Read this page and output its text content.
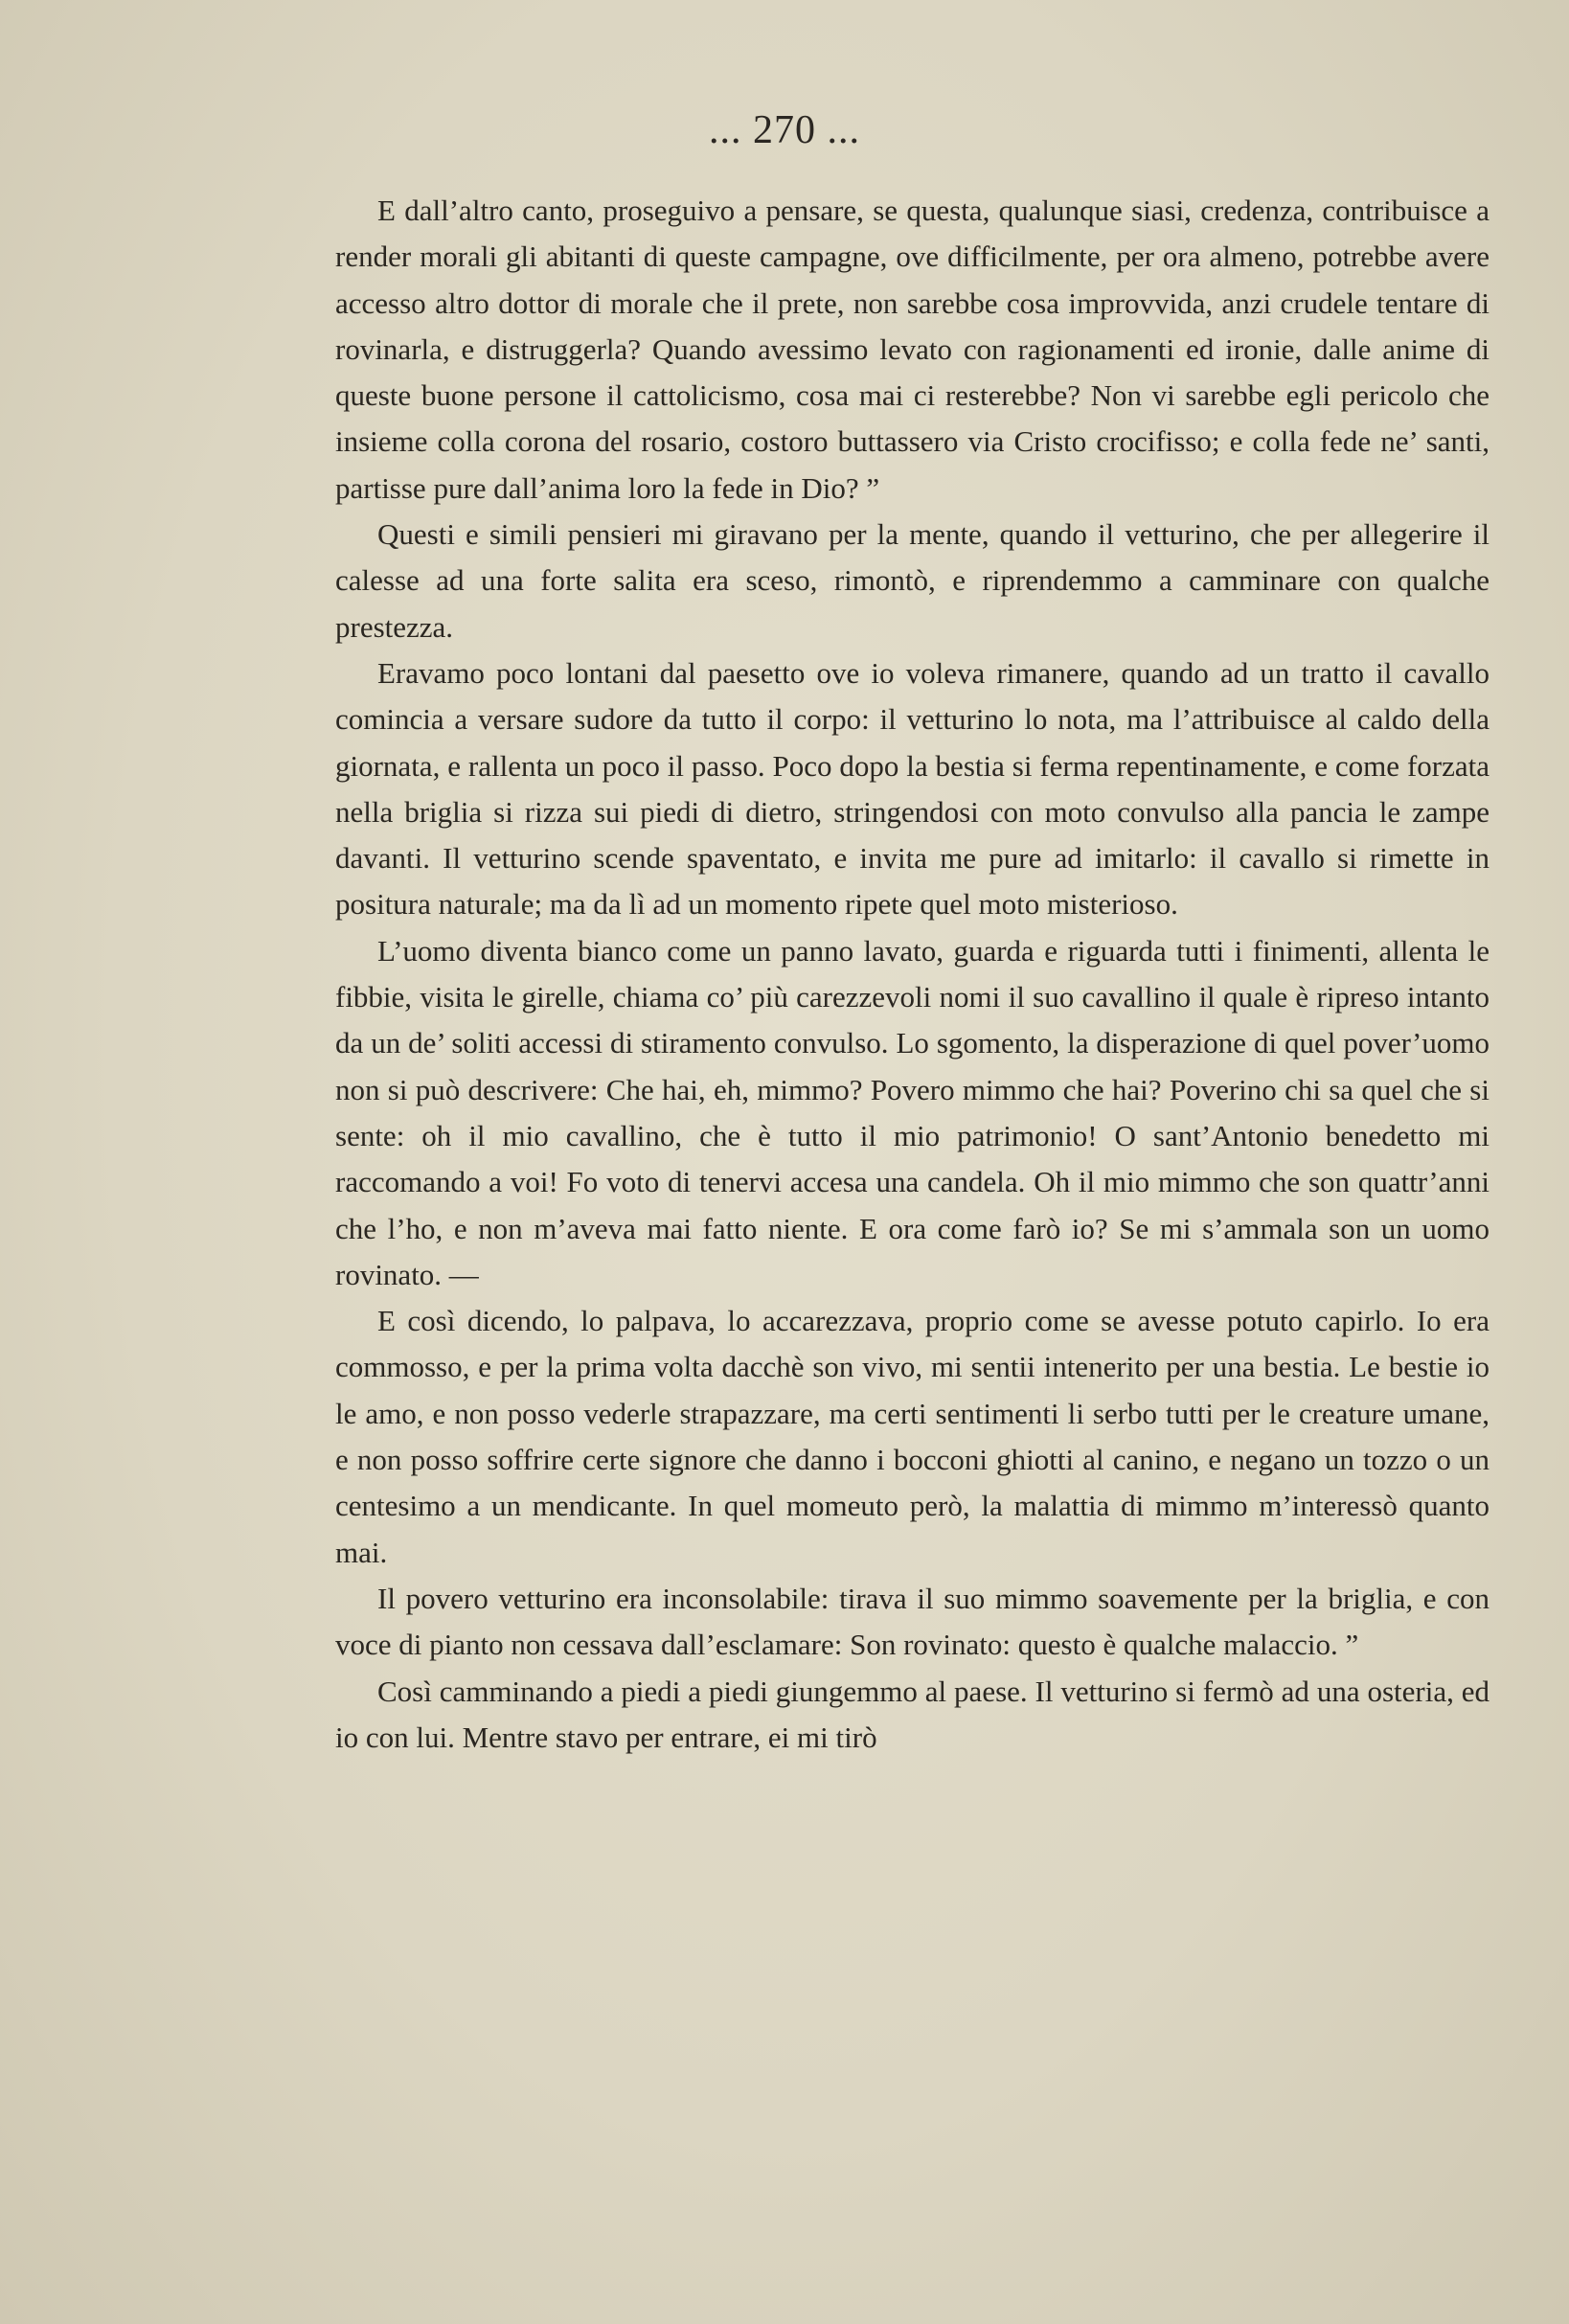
... 270 ...

E dall’altro canto, proseguivo a pensare, se questa, qualunque siasi, credenza, contribuisce a render morali gli abitanti di queste campagne, ove difficilmente, per ora almeno, potrebbe avere accesso altro dottor di morale che il prete, non sarebbe cosa improvvida, anzi crudele tentare di rovinarla, e distruggerla? Quando avessimo levato con ragionamenti ed ironie, dalle anime di queste buone persone il cattolicismo, cosa mai ci resterebbe? Non vi sarebbe egli pericolo che insieme colla corona del rosario, costoro buttassero via Cristo crocifisso; e colla fede ne’ santi, partisse pure dall’anima loro la fede in Dio? ”

Questi e simili pensieri mi giravano per la mente, quando il vetturino, che per allegerire il calesse ad una forte salita era sceso, rimontò, e riprendemmo a camminare con qualche prestezza.

Eravamo poco lontani dal paesetto ove io voleva rimanere, quando ad un tratto il cavallo comincia a versare sudore da tutto il corpo: il vetturino lo nota, ma l’attribuisce al caldo della giornata, e rallenta un poco il passo. Poco dopo la bestia si ferma repentinamente, e come forzata nella briglia si rizza sui piedi di dietro, stringendosi con moto convulso alla pancia le zampe davanti. Il vetturino scende spaventato, e invita me pure ad imitarlo: il cavallo si rimette in positura naturale; ma da lì ad un momento ripete quel moto misterioso.

L’uomo diventa bianco come un panno lavato, guarda e riguarda tutti i finimenti, allenta le fibbie, visita le girelle, chiama co’ più carezzevoli nomi il suo cavallino il quale è ripreso intanto da un de’ soliti accessi di stiramento convulso. Lo sgomento, la disperazione di quel pover’uomo non si può descrivere: Che hai, eh, mimmo? Povero mimmo che hai? Poverino chi sa quel che si sente: oh il mio cavallino, che è tutto il mio patrimonio! O sant’Antonio benedetto mi raccomando a voi! Fo voto di tenervi accesa una candela. Oh il mio mimmo che son quattr’anni che l’ho, e non m’aveva mai fatto niente. E ora come farò io? Se mi s’ammala son un uomo rovinato. —

E così dicendo, lo palpava, lo accarezzava, proprio come se avesse potuto capirlo. Io era commosso, e per la prima volta dacchè son vivo, mi sentii intenerito per una bestia. Le bestie io le amo, e non posso vederle strapazzare, ma certi sentimenti li serbo tutti per le creature umane, e non posso soffrire certe signore che danno i bocconi ghiotti al canino, e negano un tozzo o un centesimo a un mendicante. In quel momeuto però, la malattia di mimmo m’interessò quanto mai.

Il povero vetturino era inconsolabile: tirava il suo mimmo soavemente per la briglia, e con voce di pianto non cessava dall’esclamare: Son rovinato: questo è qualche malaccio. ”

Così camminando a piedi a piedi giungemmo al paese. Il vetturino si fermò ad una osteria, ed io con lui. Mentre stavo per entrare, ei mi tirò
